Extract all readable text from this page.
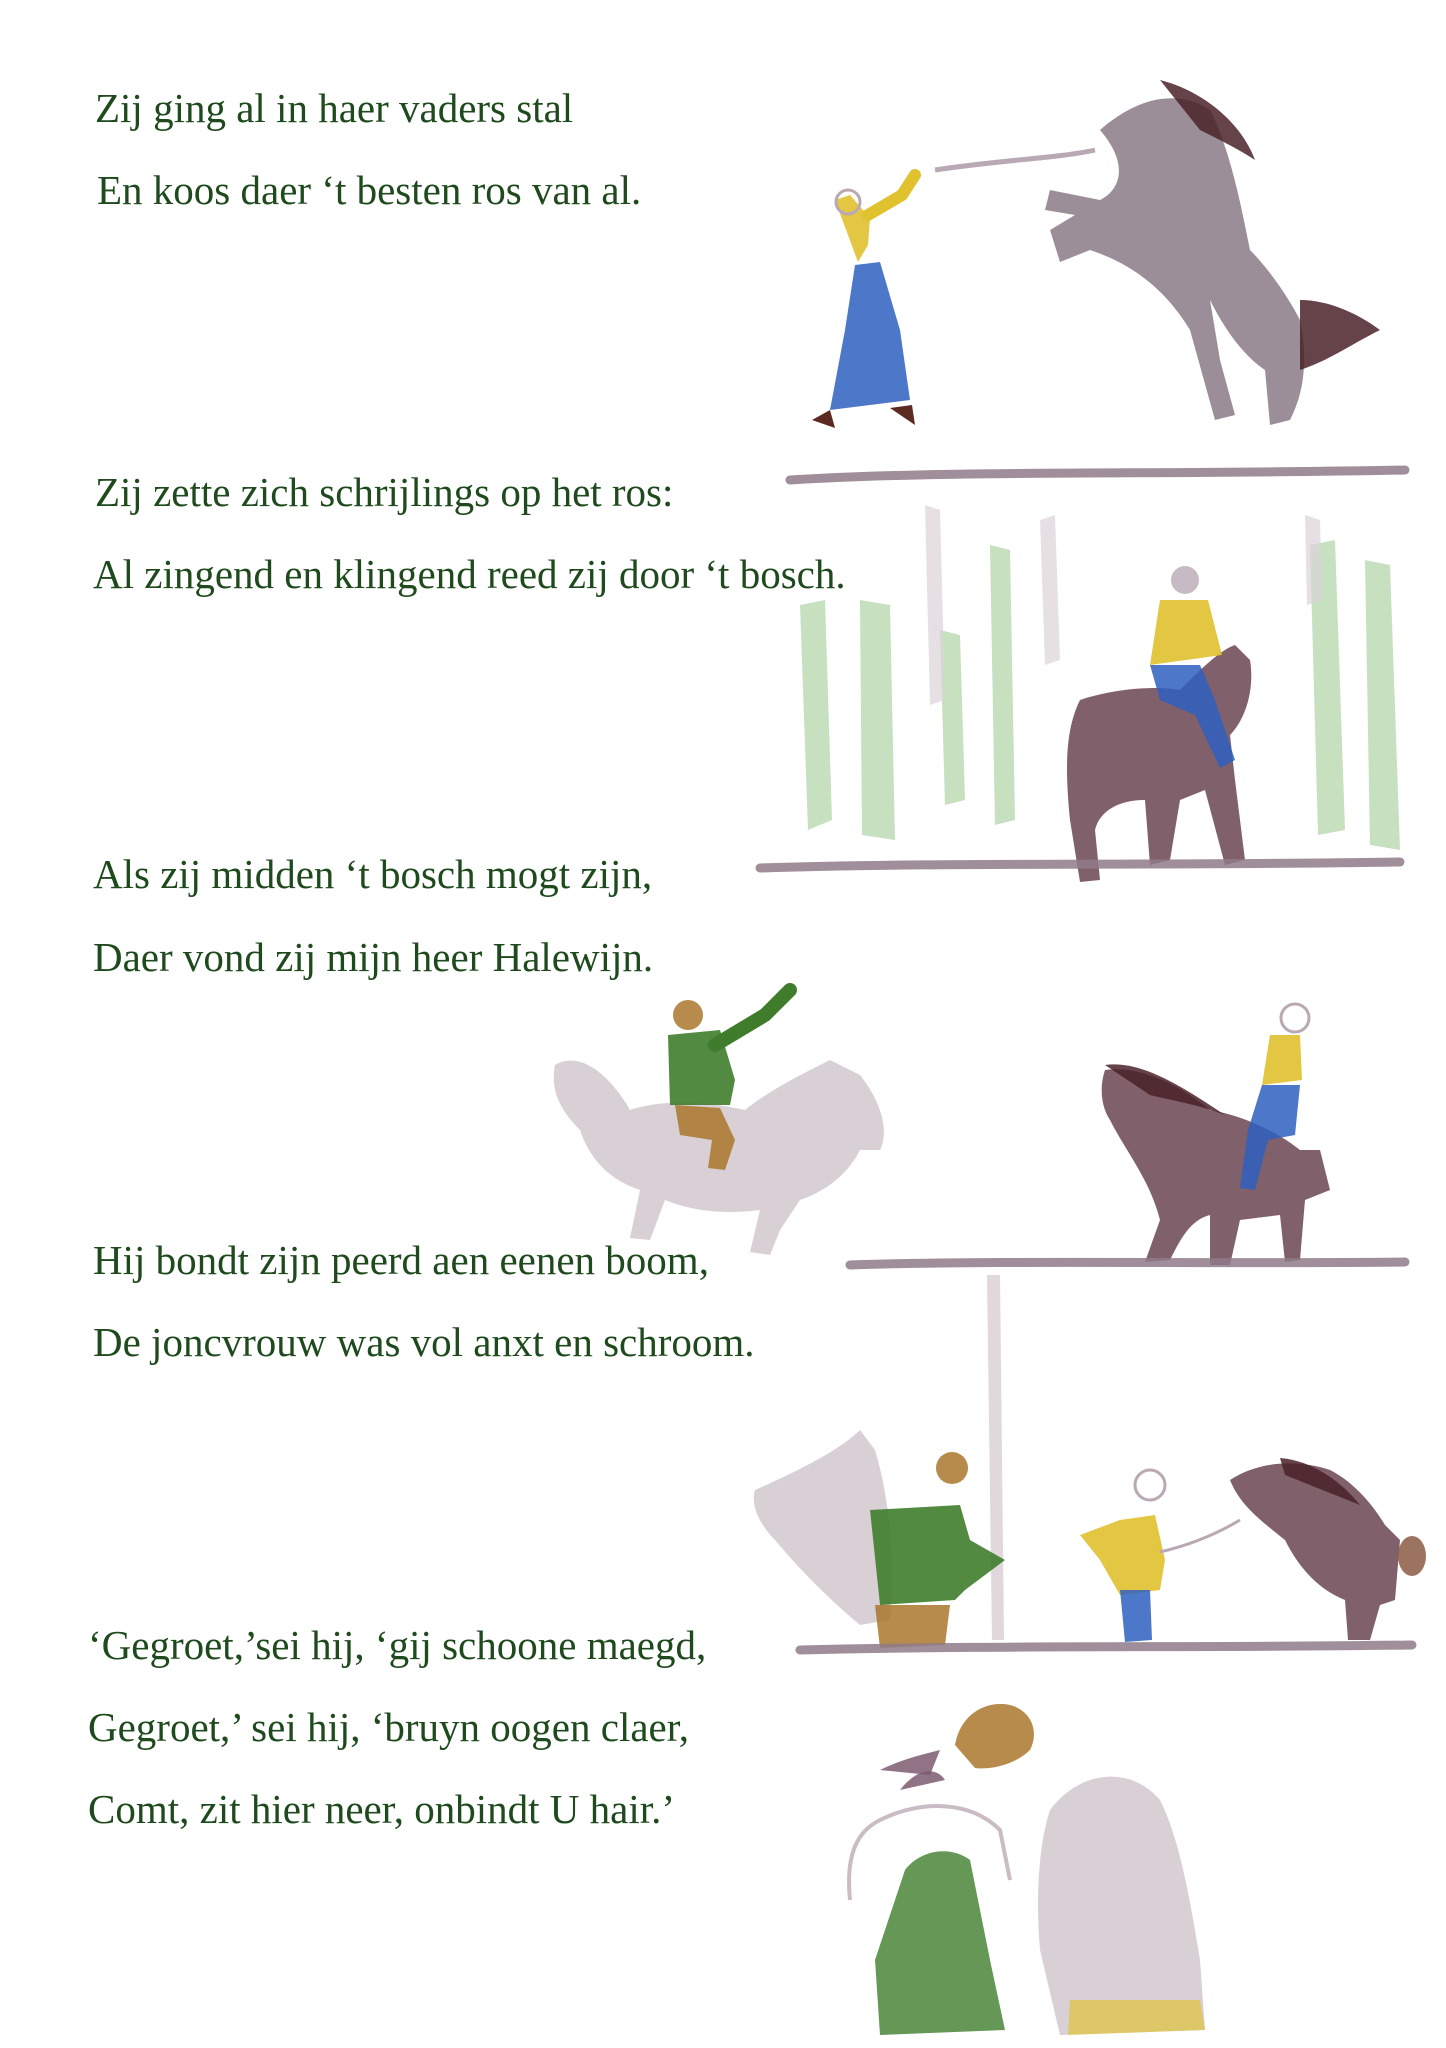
Zij ging al in haer vaders stal

En koos daer ‘t besten ros van al.

Zij zette zich schrijlings op het ros:

Al zingend en klingend reed zij door ‘t bosch.

Als zij midden ‘t bosch mogt zijn,

Daer vond zij mijn heer Halewijn.

Hij bondt zijn peerd aen eenen boom,

De joncvrouw was vol anxt en schroom.

‘Gegroet,’sei hij, ‘gij schoone maegd,

Gegroet,’ sei hij, ‘bruyn oogen claer,

Comt, zit hier neer, onbindt U hair.’
